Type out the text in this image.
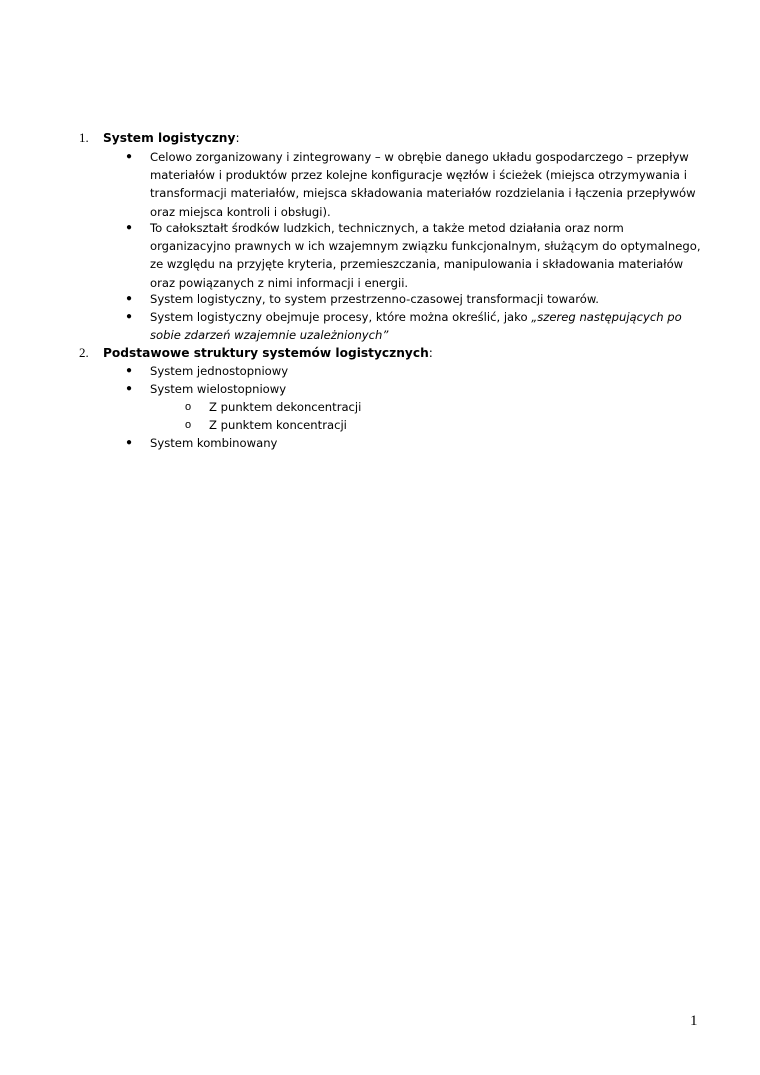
1.	System logistyczny:
● Celowo zorganizowany i zintegrowany – w obrębie danego układu gospodarczego – przepływ
materiałów i produktów przez kolejne konfiguracje węzłów i ścieżek (miejsca otrzymywania i
transformacji materiałów, miejsca składowania materiałów rozdzielania i łączenia przepływów
oraz miejsca kontroli i obsługi).
● To całokształt środków ludzkich, technicznych, a także metod działania oraz norm
organizacyjno prawnych w ich wzajemnym związku funkcjonalnym, służącym do optymalnego,
ze względu na przyjęte kryteria, przemieszczania, manipulowania i składowania materiałów
oraz powiązanych z nimi informacji i energii.
● System logistyczny, to system przestrzenno-czasowej transformacji towarów.
● System logistyczny obejmuje procesy, które można określić, jako „szereg następujących po
sobie zdarzeń wzajemnie uzależnionych”
2.	Podstawowe struktury systemów logistycznych:
● System jednostopniowy
● System wielostopniowy
o Z punktem dekoncentracji
o Z punktem koncentracji
● System kombinowany
1
